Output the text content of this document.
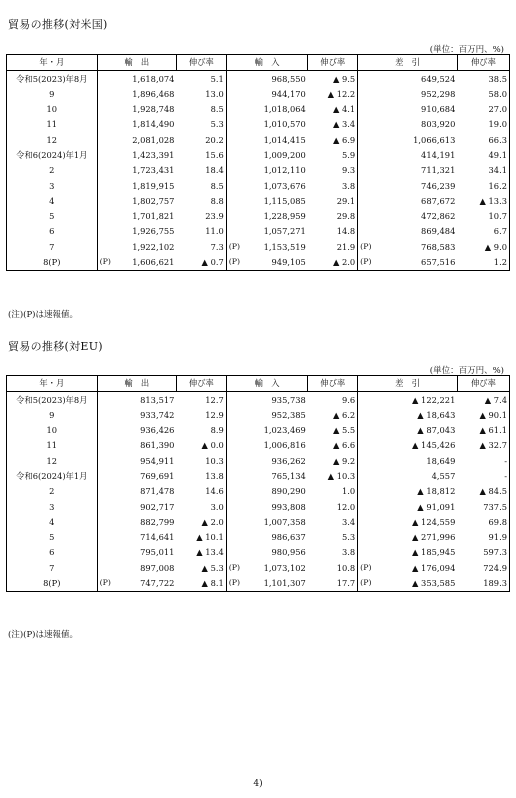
貿易の推移(対米国)
(単位：百万円、%)
年・月	輸　出		伸び率	輸　入		伸び率	差　引		伸び率
令和5(2023)年8月		1,618,074	5.1		968,550	▲ 9.5		649,524	38.5
9		1,896,468	13.0		944,170	▲ 12.2		952,298	58.0
10		1,928,748	8.5		1,018,064	▲ 4.1		910,684	27.0
11		1,814,490	5.3		1,010,570	▲ 3.4		803,920	19.0
12		2,081,028	20.2		1,014,415	▲ 6.9		1,066,613	66.3
令和6(2024)年1月		1,423,391	15.6		1,009,200	5.9		414,191	49.1
2		1,723,431	18.4		1,012,110	9.3		711,321	34.1
3		1,819,915	8.5		1,073,676	3.8		746,239	16.2
4		1,802,757	8.8		1,115,085	29.1		687,672	▲ 13.3
5		1,701,821	23.9		1,228,959	29.8		472,862	10.7
6		1,926,755	11.0		1,057,271	14.8		869,484	6.7
7		1,922,102	7.3	(P)	1,153,519	21.9	(P)	768,583	▲ 9.0
8(P)	(P)	1,606,621	▲ 0.7	(P)	949,105	▲ 2.0	(P)	657,516	1.2
(注)(P)は速報値。
貿易の推移(対EU)
(単位：百万円、%)
年・月	輸　出		伸び率	輸　入		伸び率	差　引		伸び率
令和5(2023)年8月		813,517	12.7		935,738	9.6		▲ 122,221	▲ 7.4
9		933,742	12.9		952,385	▲ 6.2		▲ 18,643	▲ 90.1
10		936,426	8.9		1,023,469	▲ 5.5		▲ 87,043	▲ 61.1
11		861,390	▲ 0.0		1,006,816	▲ 6.6		▲ 145,426	▲ 32.7
12		954,911	10.3		936,262	▲ 9.2		18,649	-
令和6(2024)年1月		769,691	13.8		765,134	▲ 10.3		4,557	-
2		871,478	14.6		890,290	1.0		▲ 18,812	▲ 84.5
3		902,717	3.0		993,808	12.0		▲ 91,091	737.5
4		882,799	▲ 2.0		1,007,358	3.4		▲ 124,559	69.8
5		714,641	▲ 10.1		986,637	5.3		▲ 271,996	91.9
6		795,011	▲ 13.4		980,956	3.8		▲ 185,945	597.3
7		897,008	▲ 5.3	(P)	1,073,102	10.8	(P)	▲ 176,094	724.9
8(P)	(P)	747,722	▲ 8.1	(P)	1,101,307	17.7	(P)	▲ 353,585	189.3
(注)(P)は速報値。
4)
